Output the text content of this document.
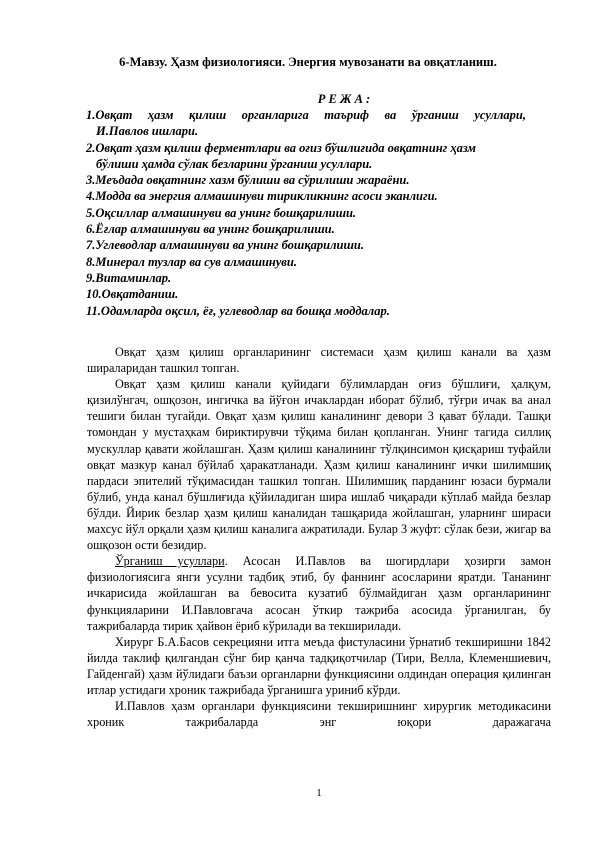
6-Мавзу. Ҳазм физиологияси. Энергия мувозанати ва овқатланиш.
Р Е Ж А :
1.Овқат ҳазм қилиш органларига таъриф ва ўрганиш усуллари,
И.Павлов ишлари.
2.Овқат ҳазм қилиш ферментлари ва оғиз бўшлиғида овқатнинг ҳазм
бўлиши ҳамда сўлак безларини ўрганиш усуллари.
3.Меъдада овқатнинг хазм бўлиши ва сўрилиши жараёни.
4.Модда ва энергия алмашинуви тирикликнинг асоси эканлиги.
5.Оқсиллар алмашинуви ва унинг бошқарилиши.
6.Ёғлар алмашинуви ва унинг бошқарилиши.
7.Углеводлар алмашинуви ва унинг бошқарилиши.
8.Минерал тузлар ва сув алмашинуви.
9.Витаминлар.
10.Овқатданиш.
11.Одамларда оқсил, ёғ, углеводлар ва бошқа моддалар.

Овқат ҳазм қилиш органларининг системаси ҳазм қилиш канали ва ҳазм шираларидан ташкил топган.

Овқат ҳазм қилиш канали қуйидаги бўлимлардан оғиз бўшлиғи, ҳалқум, қизилўнгач, ошқозон, ингичка ва йўғон ичаклардан иборат бўлиб, тўғри ичак ва анал тешиги билан тугайди. Овқат ҳазм қилиш каналининг девори 3 қават бўлади. Ташқи томондан у мустаҳкам бириктирувчи тўқима билан қопланган. Унинг тагида силлиқ мускуллар қавати жойлашган. Ҳазм қилиш каналининг тўлқинсимон қисқариш туфайли овқат мазкур канал бўйлаб ҳаракатланади. Ҳазм қилиш каналининг ички шилимшиқ пардаси эпителий тўқимасидан ташкил топган. Шилимшиқ парданинг юзаси бурмали бўлиб, унда канал бўшлиғида қўйиладиган шира ишлаб чиқаради кўплаб майда безлар бўлди. Йирик безлар ҳазм қилиш каналидан ташқарида жойлашган, уларнинг шираси махсус йўл орқали ҳазм қилиш каналига ажратилади. Булар 3 жуфт: сўлак бези, жигар ва ошқозон ости безидир.

Ўрганиш усуллари. Асосан И.Павлов ва шогирдлари ҳозирги замон физиологиясига янги усулни тадбиқ этиб, бу фаннинг асосларини яратди. Тананинг ичкарисида жойлашган ва бевосита кузатиб бўлмайдиган ҳазм органларининг функцияларини И.Павловгача асосан ўткир тажриба асосида ўрганилган, бу тажрибаларда тирик ҳайвон ёриб кўрилади ва текширилади.

Хирург Б.А.Басов секрецияни итга меъда фистуласини ўрнатиб текширишни 1842 йилда таклиф қилгандан сўнг бир қанча тадқиқотчилар (Тири, Велла, Клеменшиевич, Гайденгай) ҳазм йўлидаги баъзи органларни функциясини олдиндан операция қилинган итлар устидаги хроник тажрибада ўрганишга уриниб кўрди.

И.Павлов ҳазм органлари функциясини текширишнинг хирургик методикасини хроник тажрибаларда энг юқори даражагача

1
